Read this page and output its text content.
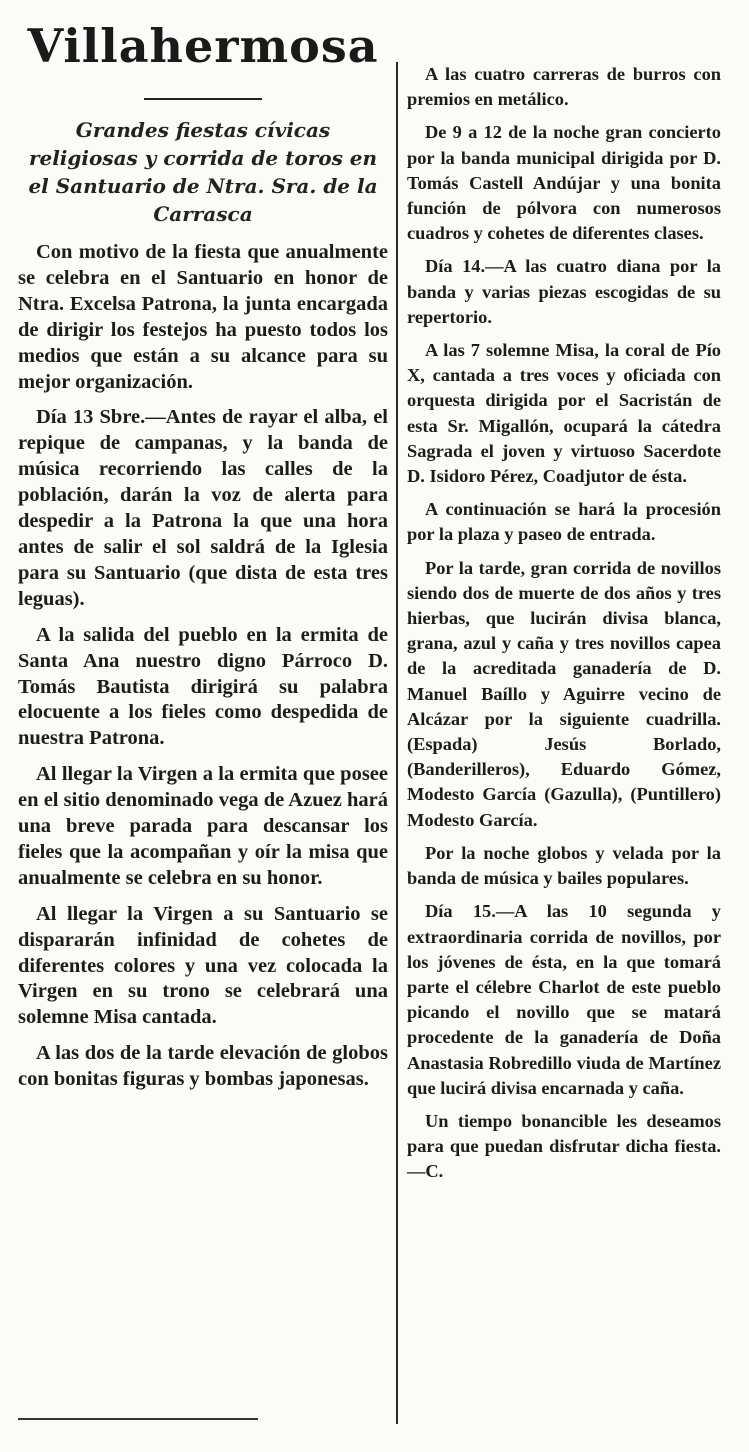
Villahermosa

Grandes fiestas cívicas religiosas y corrida de toros en el Santuario de Ntra. Sra. de la Carrasca

Con motivo de la fiesta que anualmente se celebra en el Santuario en honor de Ntra. Excelsa Patrona, la junta encargada de dirigir los festejos ha puesto todos los medios que están a su alcance para su mejor organización.

Día 13 Sbre.—Antes de rayar el alba, el repique de campanas, y la banda de música recorriendo las calles de la población, darán la voz de alerta para despedir a la Patrona la que una hora antes de salir el sol saldrá de la Iglesia para su Santuario (que dista de esta tres leguas).

A la salida del pueblo en la ermita de Santa Ana nuestro digno Párroco D. Tomás Bautista dirigirá su palabra elocuente a los fieles como despedida de nuestra Patrona.

Al llegar la Virgen a la ermita que posee en el sitio denominado vega de Azuez hará una breve parada para descansar los fieles que la acompañan y oír la misa que anualmente se celebra en su honor.

Al llegar la Virgen a su Santuario se dispararán infinidad de cohetes de diferentes colores y una vez colocada la Virgen en su trono se celebrará una solemne Misa cantada.

A las dos de la tarde elevación de globos con bonitas figuras y bombas japonesas.

A las cuatro carreras de burros con premios en metálico.

De 9 a 12 de la noche gran concierto por la banda municipal dirigida por D. Tomás Castell Andújar y una bonita función de pólvora con numerosos cuadros y cohetes de diferentes clases.

Día 14.—A las cuatro diana por la banda y varias piezas escogidas de su repertorio.

A las 7 solemne Misa, la coral de Pío X, cantada a tres voces y oficiada con orquesta dirigida por el Sacristán de esta Sr. Migallón, ocupará la cátedra Sagrada el joven y virtuoso Sacerdote D. Isidoro Pérez, Coadjutor de ésta.

A continuación se hará la procesión por la plaza y paseo de entrada.

Por la tarde, gran corrida de novillos siendo dos de muerte de dos años y tres hierbas, que lucirán divisa blanca, grana, azul y caña y tres novillos capea de la acreditada ganadería de D. Manuel Baíllo y Aguirre vecino de Alcázar por la siguiente cuadrilla. (Espada) Jesús Borlado, (Banderilleros), Eduardo Gómez, Modesto García (Gazulla), (Puntillero) Modesto García.

Por la noche globos y velada por la banda de música y bailes populares.

Día 15.—A las 10 segunda y extraordinaria corrida de novillos, por los jóvenes de ésta, en la que tomará parte el célebre Charlot de este pueblo picando el novillo que se matará procedente de la ganadería de Doña Anastasia Robredillo viuda de Martínez que lucirá divisa encarnada y caña.

Un tiempo bonancible les deseamos para que puedan disfrutar dicha fiesta.—C.
